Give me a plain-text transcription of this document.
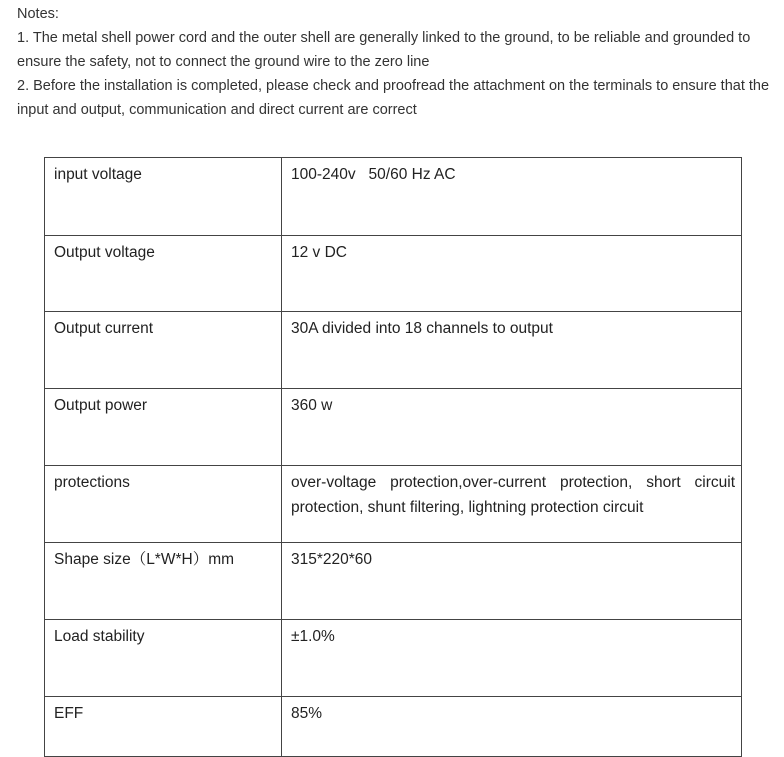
Notes:

1. The metal shell power cord and the outer shell are generally linked to the ground, to be reliable and grounded to ensure the safety, not to connect the ground wire to the zero line

2. Before the installation is completed, please check and proofread the attachment on the terminals to ensure that the input and output, communication and direct current are correct

input voltage	100-240v   50/60 Hz AC
Output voltage	12 v DC
Output current	30A divided into 18 channels to output
Output power	360 w
protections	over-voltage protection,over-current protection, short circuit protection, shunt filtering, lightning protection circuit
Shape size（L*W*H）mm	315*220*60
Load stability	±1.0%
EFF	85%
